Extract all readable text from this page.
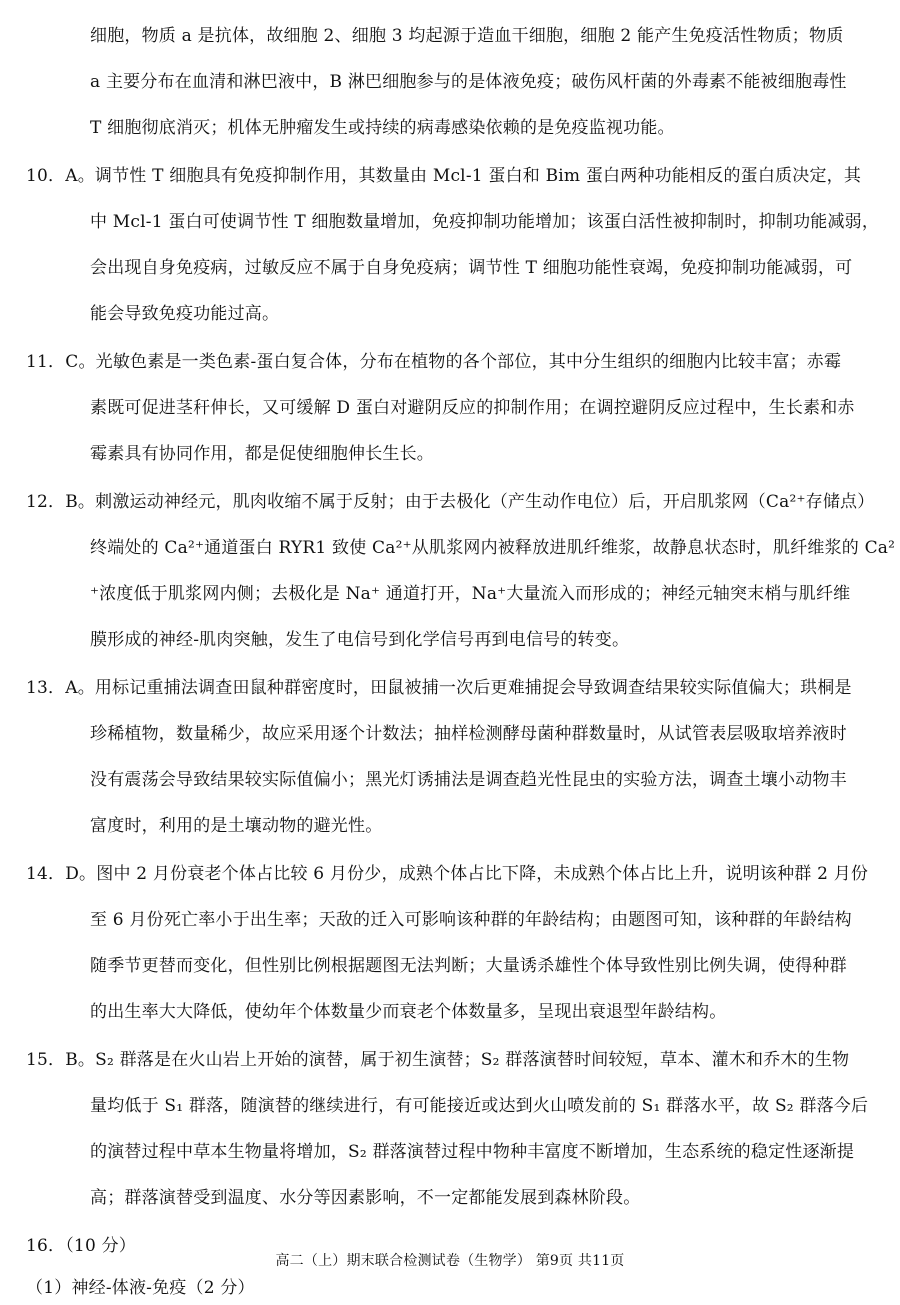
细胞，物质 a 是抗体，故细胞 2、细胞 3 均起源于造血干细胞，细胞 2 能产生免疫活性物质；物质
a 主要分布在血清和淋巴液中，B 淋巴细胞参与的是体液免疫；破伤风杆菌的外毒素不能被细胞毒性
T 细胞彻底消灭；机体无肿瘤发生或持续的病毒感染依赖的是免疫监视功能。
10．A。调节性 T 细胞具有免疫抑制作用，其数量由 Mcl-1 蛋白和 Bim 蛋白两种功能相反的蛋白质决定，其
中 Mcl-1 蛋白可使调节性 T 细胞数量增加，免疫抑制功能增加；该蛋白活性被抑制时，抑制功能减弱，
会出现自身免疫病，过敏反应不属于自身免疫病；调节性 T 细胞功能性衰竭，免疫抑制功能减弱，可
能会导致免疫功能过高。
11．C。光敏色素是一类色素-蛋白复合体，分布在植物的各个部位，其中分生组织的细胞内比较丰富；赤霉
素既可促进茎秆伸长，又可缓解 D 蛋白对避阴反应的抑制作用；在调控避阴反应过程中，生长素和赤
霉素具有协同作用，都是促使细胞伸长生长。
12．B。刺激运动神经元，肌肉收缩不属于反射；由于去极化（产生动作电位）后，开启肌浆网（Ca²⁺存储点）
终端处的 Ca²⁺通道蛋白 RYR1 致使 Ca²⁺从肌浆网内被释放进肌纤维浆，故静息状态时，肌纤维浆的 Ca²
⁺浓度低于肌浆网内侧；去极化是 Na⁺ 通道打开，Na⁺大量流入而形成的；神经元轴突末梢与肌纤维
膜形成的神经-肌肉突触，发生了电信号到化学信号再到电信号的转变。
13．A。用标记重捕法调查田鼠种群密度时，田鼠被捕一次后更难捕捉会导致调查结果较实际值偏大；珙桐是
珍稀植物，数量稀少，故应采用逐个计数法；抽样检测酵母菌种群数量时，从试管表层吸取培养液时
没有震荡会导致结果较实际值偏小；黑光灯诱捕法是调查趋光性昆虫的实验方法，调查土壤小动物丰
富度时，利用的是土壤动物的避光性。
14．D。图中 2 月份衰老个体占比较 6 月份少，成熟个体占比下降，未成熟个体占比上升，说明该种群 2 月份
至 6 月份死亡率小于出生率；天敌的迁入可影响该种群的年龄结构；由题图可知，该种群的年龄结构
随季节更替而变化，但性别比例根据题图无法判断；大量诱杀雄性个体导致性别比例失调，使得种群
的出生率大大降低，使幼年个体数量少而衰老个体数量多，呈现出衰退型年龄结构。
15．B。S₂ 群落是在火山岩上开始的演替，属于初生演替；S₂ 群落演替时间较短，草本、灌木和乔木的生物
量均低于 S₁ 群落，随演替的继续进行，有可能接近或达到火山喷发前的 S₁ 群落水平，故 S₂ 群落今后
的演替过程中草本生物量将增加，S₂ 群落演替过程中物种丰富度不断增加，生态系统的稳定性逐渐提
高；群落演替受到温度、水分等因素影响，不一定都能发展到森林阶段。
16．（10 分）
（1）神经-体液-免疫（2 分）
高二（上）期末联合检测试卷（生物学） 第9页 共11页
